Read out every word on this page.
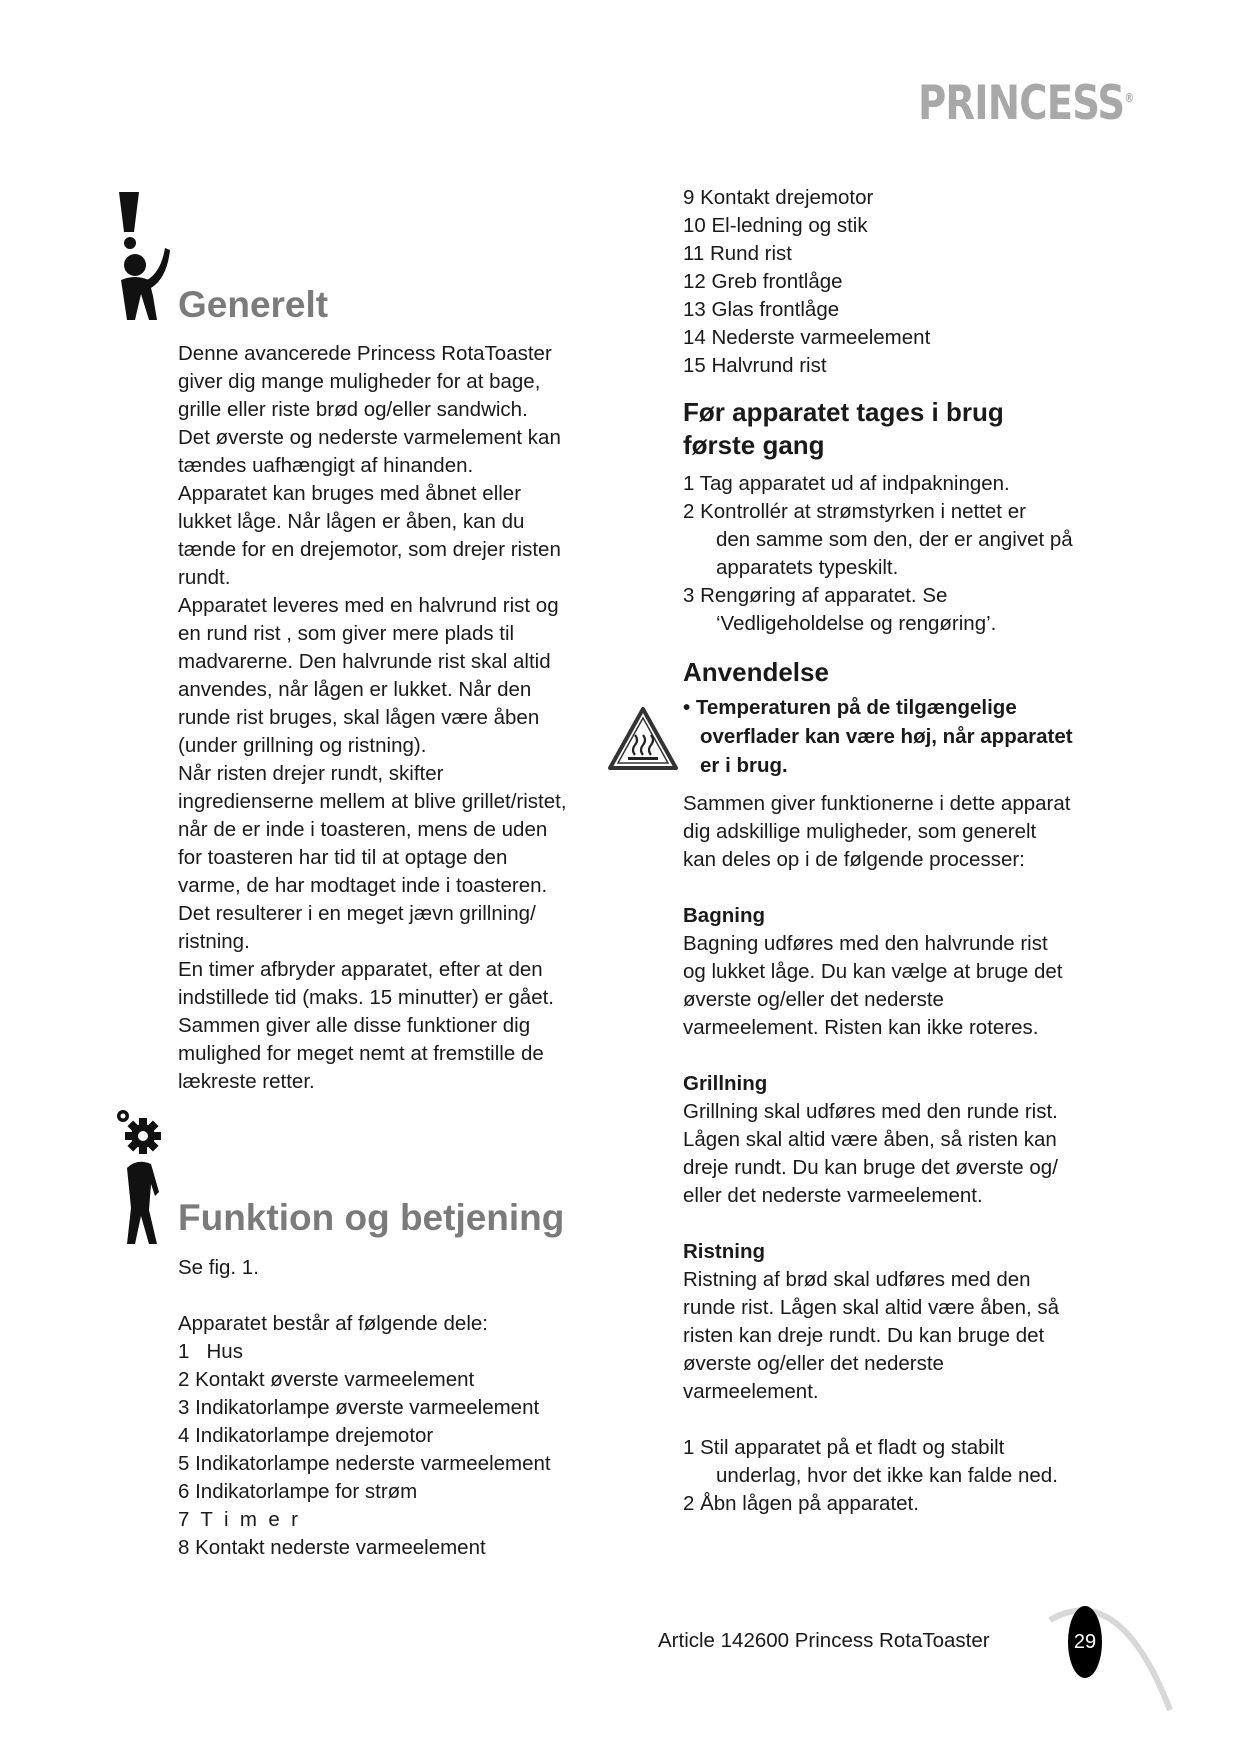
PRINCESS®
Generelt
Denne avancerede Princess RotaToaster
giver dig mange muligheder for at bage,
grille eller riste brød og/eller sandwich.
Det øverste og nederste varmelement kan
tændes uafhængigt af hinanden.
Apparatet kan bruges med åbnet eller
lukket låge. Når lågen er åben, kan du
tænde for en drejemotor, som drejer risten
rundt.
Apparatet leveres med en halvrund rist og
en rund rist , som giver mere plads til
madvarerne. Den halvrunde rist skal altid
anvendes, når lågen er lukket. Når den
runde rist bruges, skal lågen være åben
(under grillning og ristning).
Når risten drejer rundt, skifter
ingredienserne mellem at blive grillet/ristet,
når de er inde i toasteren, mens de uden
for toasteren har tid til at optage den
varme, de har modtaget inde i toasteren.
Det resulterer i en meget jævn grillning/
ristning.
En timer afbryder apparatet, efter at den
indstillede tid (maks. 15 minutter) er gået.
Sammen giver alle disse funktioner dig
mulighed for meget nemt at fremstille de
lækreste retter.
Funktion og betjening
Se fig. 1.
Apparatet består af følgende dele:
1   Hus
2 Kontakt øverste varmeelement
3 Indikatorlampe øverste varmeelement
4 Indikatorlampe drejemotor
5 Indikatorlampe nederste varmeelement
6 Indikatorlampe for strøm
7  T  i  m  e  r
8 Kontakt nederste varmeelement
9 Kontakt drejemotor
10 El-ledning og stik
11 Rund rist
12 Greb frontlåge
13 Glas frontlåge
14 Nederste varmeelement
15 Halvrund rist
Før apparatet tages i brug
første gang
1 Tag apparatet ud af indpakningen.
2 Kontrollér at strømstyrken i nettet er
den samme som den, der er angivet på
apparatets typeskilt.
3 Rengøring af apparatet. Se
‘Vedligeholdelse og rengøring’.
Anvendelse
• Temperaturen på de tilgængelige
overflader kan være høj, når apparatet
er i brug.
Sammen giver funktionerne i dette apparat
dig adskillige muligheder, som generelt
kan deles op i de følgende processer:
Bagning
Bagning udføres med den halvrunde rist
og lukket låge. Du kan vælge at bruge det
øverste og/eller det nederste
varmeelement. Risten kan ikke roteres.
Grillning
Grillning skal udføres med den runde rist.
Lågen skal altid være åben, så risten kan
dreje rundt. Du kan bruge det øverste og/
eller det nederste varmeelement.
Ristning
Ristning af brød skal udføres med den
runde rist. Lågen skal altid være åben, så
risten kan dreje rundt. Du kan bruge det
øverste og/eller det nederste
varmeelement.
1 Stil apparatet på et fladt og stabilt
underlag, hvor det ikke kan falde ned.
2 Åbn lågen på apparatet.
Article 142600 Princess RotaToaster	29
